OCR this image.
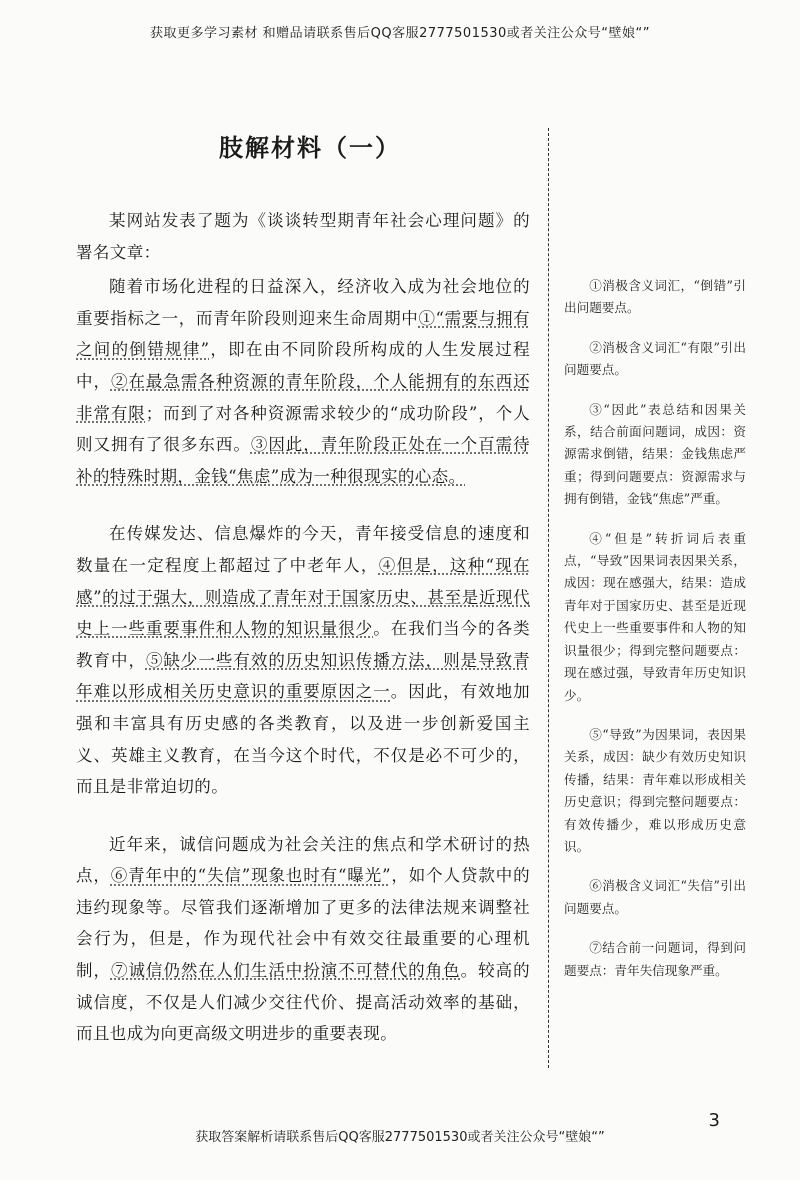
获取更多学习素材 和赠品请联系售后QQ客服2777501530或者关注公众号“壁娘“”
肢解材料（一）

某网站发表了题为《谈谈转型期青年社会心理问题》的署名文章：

随着市场化进程的日益深入，经济收入成为社会地位的重要指标之一，而青年阶段则迎来生命周期中①“需要与拥有之间的倒错规律”，即在由不同阶段所构成的人生发展过程中，②在最急需各种资源的青年阶段，个人能拥有的东西还非常有限；而到了对各种资源需求较少的“成功阶段”，个人则又拥有了很多东西。③因此，青年阶段正处在一个百需待补的特殊时期，金钱“焦虑”成为一种很现实的心态。

在传媒发达、信息爆炸的今天，青年接受信息的速度和数量在一定程度上都超过了中老年人，④但是，这种“现在感”的过于强大，则造成了青年对于国家历史、甚至是近现代史上一些重要事件和人物的知识量很少。在我们当今的各类教育中，⑤缺少一些有效的历史知识传播方法，则是导致青年难以形成相关历史意识的重要原因之一。因此，有效地加强和丰富具有历史感的各类教育，以及进一步创新爱国主义、英雄主义教育，在当今这个时代，不仅是必不可少的，而且是非常迫切的。

近年来，诚信问题成为社会关注的焦点和学术研讨的热点，⑥青年中的“失信”现象也时有“曝光”，如个人贷款中的违约现象等。尽管我们逐渐增加了更多的法律法规来调整社会行为，但是，作为现代社会中有效交往最重要的心理机制，⑦诚信仍然在人们生活中扮演不可替代的角色。较高的诚信度，不仅是人们减少交往代价、提高活动效率的基础，而且也成为向更高级文明进步的重要表现。

①消极含义词汇，“倒错”引出问题要点。

②消极含义词汇“有限”引出问题要点。

③“因此”表总结和因果关系，结合前面问题词，成因：资源需求倒错，结果：金钱焦虑严重；得到问题要点：资源需求与拥有倒错，金钱“焦虑”严重。

④“但是”转折词后表重点，“导致”因果词表因果关系，成因：现在感强大，结果：造成青年对于国家历史、甚至是近现代史上一些重要事件和人物的知识量很少；得到完整问题要点：现在感过强，导致青年历史知识少。

⑤“导致”为因果词，表因果关系，成因：缺少有效历史知识传播，结果：青年难以形成相关历史意识；得到完整问题要点：有效传播少，难以形成历史意识。

⑥消极含义词汇“失信”引出问题要点。

⑦结合前一问题词，得到问题要点：青年失信现象严重。

3
获取答案解析请联系售后QQ客服2777501530或者关注公众号“壁娘“”
